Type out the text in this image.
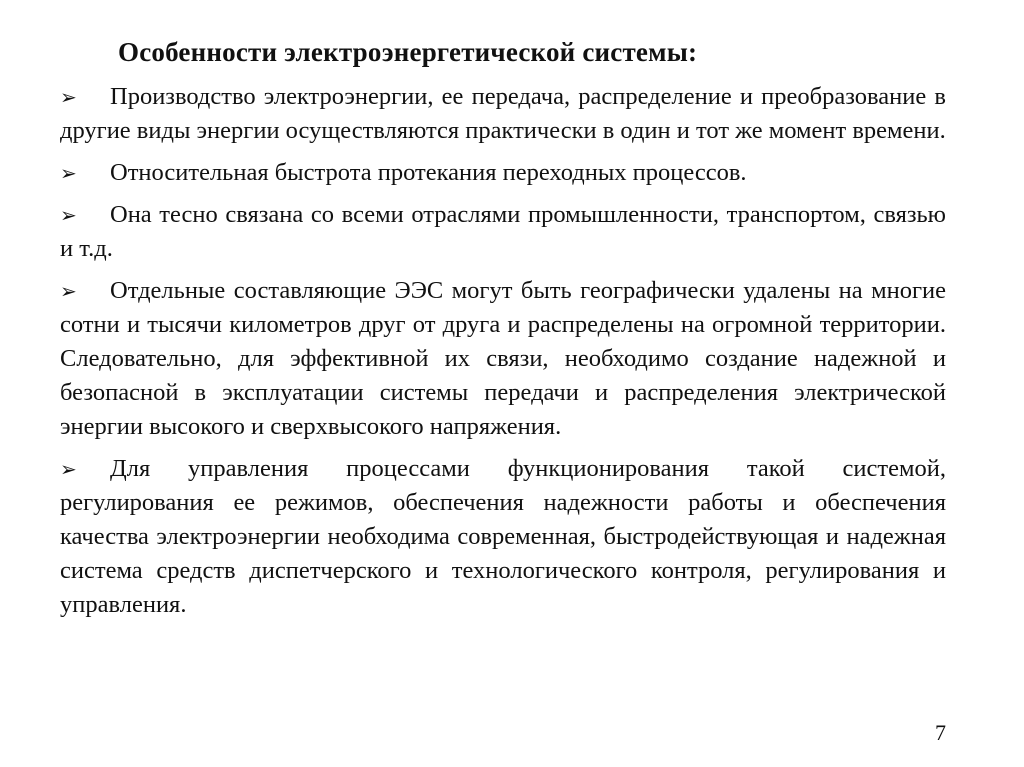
Особенности электроэнергетической системы:
➢ Производство электроэнергии, ее передача, распределение и преобразование в другие виды энергии осуществляются практически в один и тот же момент времени.
➢ Относительная быстрота протекания переходных процессов.
➢ Она тесно связана со всеми отраслями промышленности, транспортом, связью и т.д.
➢ Отдельные составляющие ЭЭС могут быть географически удалены на многие сотни и тысячи километров друг от друга и распределены на огромной территории. Следовательно, для эффективной их связи, необходимо создание надежной и безопасной в эксплуатации системы передачи и распределения электрической энергии высокого и сверхвысокого напряжения.
➢ Для управления процессами функционирования такой системой, регулирования ее режимов, обеспечения надежности работы и обеспечения качества электроэнергии необходима современная, быстродействующая и надежная система средств диспетчерского и технологического контроля, регулирования и управления.
7
